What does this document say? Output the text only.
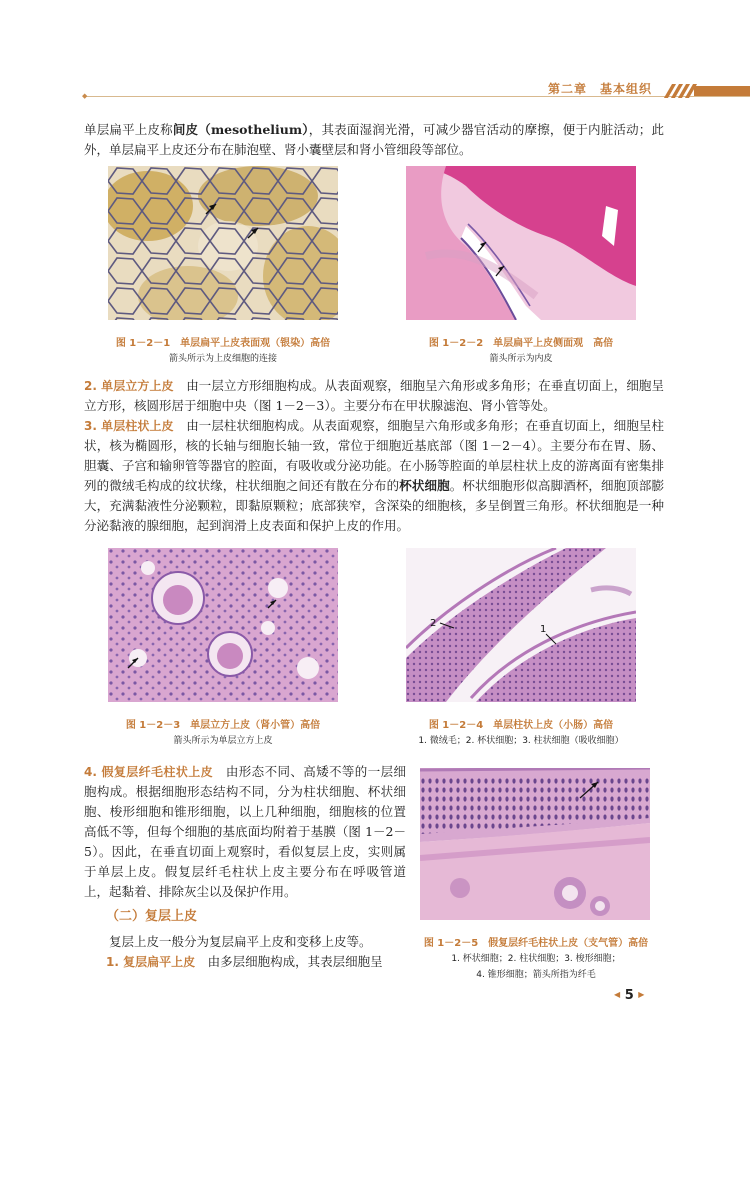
◆	第二章　基本组织
单层扁平上皮称间皮（mesothelium），其表面湿润光滑，可减少器官活动的摩擦，便于内脏活动；此外，单层扁平上皮还分布在肺泡壁、肾小囊壁层和肾小管细段等部位。
图 1－2－1　单层扁平上皮表面观（银染）高倍
箭头所示为上皮细胞的连接
图 1－2－2　单层扁平上皮侧面观　高倍
箭头所示为内皮
2. 单层立方上皮　由一层立方形细胞构成。从表面观察，细胞呈六角形或多角形；在垂直切面上，细胞呈立方形，核圆形居于细胞中央（图 1－2－3）。主要分布在甲状腺滤泡、肾小管等处。
3. 单层柱状上皮　由一层柱状细胞构成。从表面观察，细胞呈六角形或多角形；在垂直切面上，细胞呈柱状，核为椭圆形，核的长轴与细胞长轴一致，常位于细胞近基底部（图 1－2－4）。主要分布在胃、肠、胆囊、子宫和输卵管等器官的腔面，有吸收或分泌功能。在小肠等腔面的单层柱状上皮的游离面有密集排列的微绒毛构成的纹状缘，柱状细胞之间还有散在分布的杯状细胞。杯状细胞形似高脚酒杯，细胞顶部膨大，充满黏液性分泌颗粒，即黏原颗粒；底部狭窄，含深染的细胞核，多呈倒置三角形。杯状细胞是一种分泌黏液的腺细胞，起到润滑上皮表面和保护上皮的作用。
图 1－2－3　单层立方上皮（肾小管）高倍
箭头所示为单层立方上皮
2
1
图 1－2－4　单层柱状上皮（小肠）高倍
1. 微绒毛；2. 杯状细胞；3. 柱状细胞（吸收细胞）
4. 假复层纤毛柱状上皮　由形态不同、高矮不等的一层细胞构成。根据细胞形态结构不同，分为柱状细胞、杯状细胞、梭形细胞和锥形细胞，以上几种细胞，细胞核的位置高低不等，但每个细胞的基底面均附着于基膜（图 1－2－5）。因此，在垂直切面上观察时，看似复层上皮，实则属于单层上皮。假复层纤毛柱状上皮主要分布在呼吸管道上，起黏着、排除灰尘以及保护作用。
图 1－2－5　假复层纤毛柱状上皮（支气管）高倍
1. 杯状细胞；2. 柱状细胞；3. 梭形细胞；
4. 锥形细胞；箭头所指为纤毛
（二）复层上皮
复层上皮一般分为复层扁平上皮和变移上皮等。
1. 复层扁平上皮　由多层细胞构成，其表层细胞呈
◀ 5 ▶
